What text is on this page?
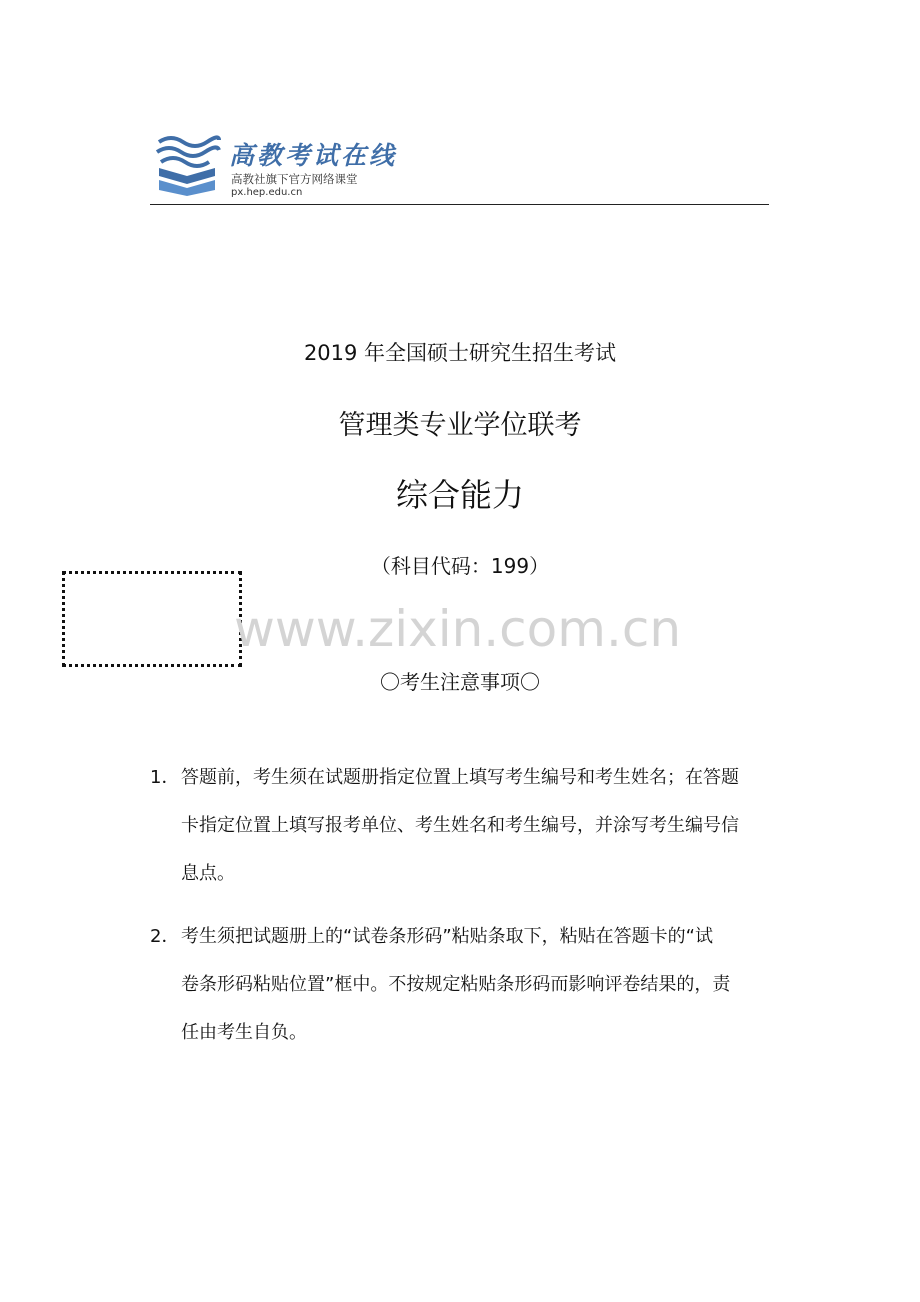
高教考试在线
高教社旗下官方网络课堂
px.hep.edu.cn
2019 年全国硕士研究生招生考试
管理类专业学位联考
综合能力
（科目代码：199）
www.zixin.com.cn
〇考生注意事项〇
1． 答题前，考生须在试题册指定位置上填写考生编号和考生姓名；在答题
卡指定位置上填写报考单位、考生姓名和考生编号，并涂写考生编号信
息点。
2． 考生须把试题册上的“试卷条形码”粘贴条取下，粘贴在答题卡的“试
卷条形码粘贴位置”框中。不按规定粘贴条形码而影响评卷结果的，责
任由考生自负。
